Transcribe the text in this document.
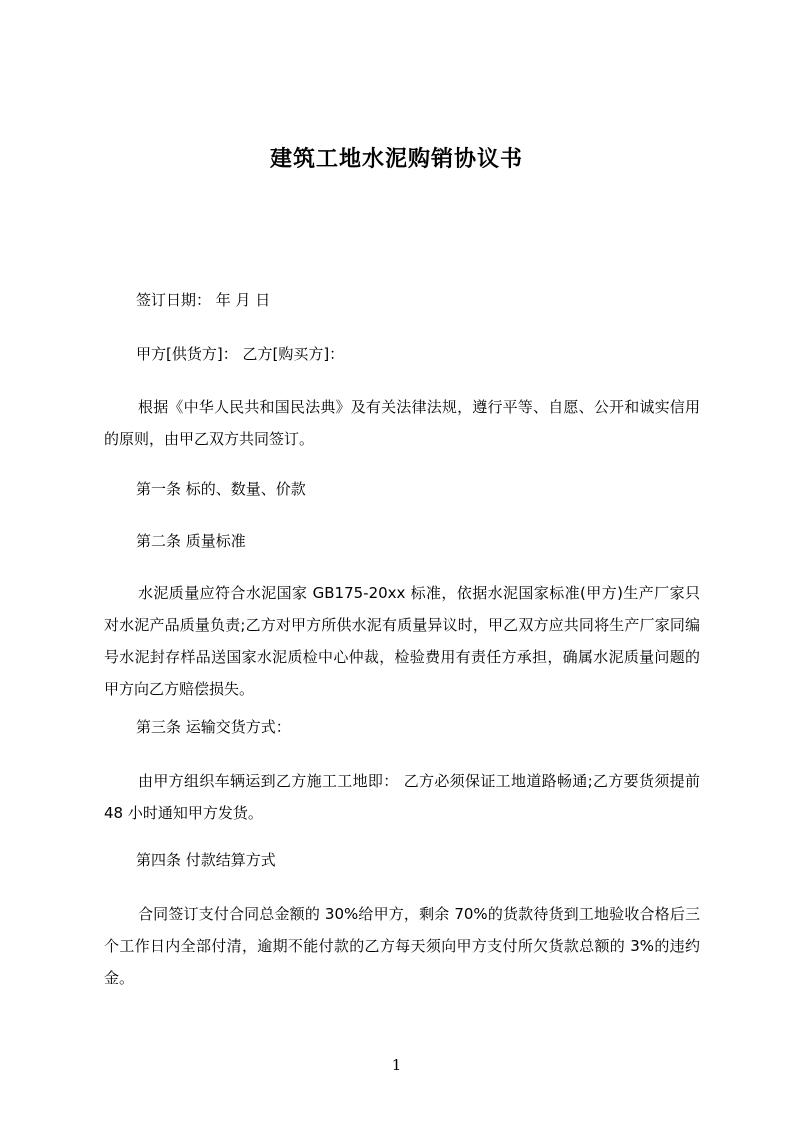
建筑工地水泥购销协议书
签订日期： 年 月 日
甲方[供货方]： 乙方[购买方]：
根据《中华人民共和国民法典》及有关法律法规，遵行平等、自愿、公开和诚实信用的原则，由甲乙双方共同签订。
第一条 标的、数量、价款
第二条 质量标准
水泥质量应符合水泥国家 GB175-20xx 标准，依据水泥国家标准(甲方)生产厂家只对水泥产品质量负责;乙方对甲方所供水泥有质量异议时，甲乙双方应共同将生产厂家同编号水泥封存样品送国家水泥质检中心仲裁，检验费用有责任方承担，确属水泥质量问题的甲方向乙方赔偿损失。
第三条 运输交货方式：
由甲方组织车辆运到乙方施工工地即： 乙方必须保证工地道路畅通;乙方要货须提前 48 小时通知甲方发货。
第四条 付款结算方式
合同签订支付合同总金额的 30%给甲方，剩余 70%的货款待货到工地验收合格后三个工作日内全部付清，逾期不能付款的乙方每天须向甲方支付所欠货款总额的 3%的违约金。
1
